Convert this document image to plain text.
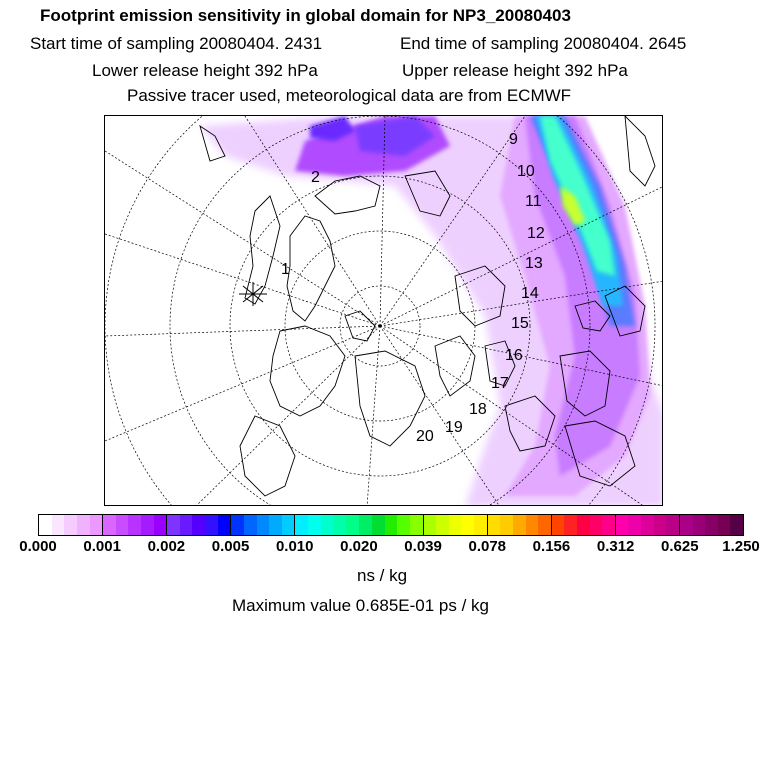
Footprint emission sensitivity in global domain for NP3_20080403
Start time of sampling 20080404. 2431	End time of sampling 20080404. 2645
Lower release height 392 hPa	Upper release height 392 hPa
Passive tracer used, meteorological data are from ECMWF
1
2
9
10
11
12
13
14
15
16
17
18
19
20
0.000 0.001 0.002 0.005 0.010 0.020 0.039 0.078 0.156 0.312 0.625 1.250
ns / kg
Maximum value 0.685E-01 ps / kg
